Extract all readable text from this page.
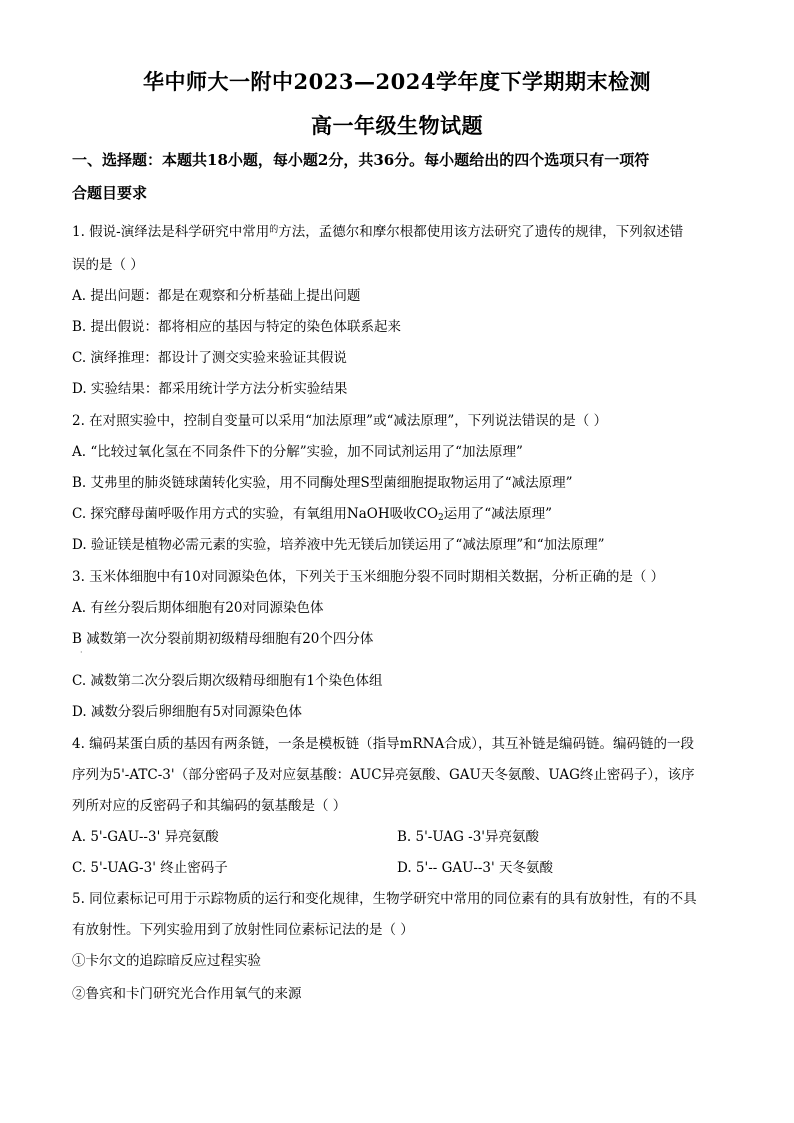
华中师大一附中2023—2024学年度下学期期末检测
高一年级生物试题
一、选择题：本题共18小题，每小题2分，共36分。每小题给出的四个选项只有一项符
合题目要求
1. 假说-演绎法是科学研究中常用$^的$方法，孟德尔和摩尔根都使用该方法研究了遗传的规律，下列叙述错
误的是（ ）
A. 提出问题：都是在观察和分析基础上提出问题
B. 提出假说：都将相应的基因与特定的染色体联系起来
C. 演绎推理：都设计了测交实验来验证其假说
D. 实验结果：都采用统计学方法分析实验结果
2. 在对照实验中，控制自变量可以采用“加法原理”或“减法原理”，下列说法错误的是（ ）
A. “比较过氧化氢在不同条件下的分解”实验，加不同试剂运用了“加法原理”
B. 艾弗里的肺炎链球菌转化实验，用不同酶处理S型菌细胞提取物运用了“减法原理”
C. 探究酵母菌呼吸作用方式的实验，有氧组用NaOH吸收$CO_2$运用了“减法原理”
D. 验证镁是植物必需元素的实验，培养液中先无镁后加镁运用了“减法原理”和“加法原理”
3. 玉米体细胞中有10对同源染色体，下列关于玉米细胞分裂不同时期相关数据，分析正确的是（ ）
A. 有丝分裂后期体细胞有20对同源染色体
B 减数第一次分裂前期初级精母细胞有20个四分体
·
C. 减数第二次分裂后期次级精母细胞有1个染色体组
D. 减数分裂后卵细胞有5对同源染色体
4. 编码某蛋白质的基因有两条链，一条是模板链（指导mRNA合成），其互补链是编码链。编码链的一段
序列为5'-ATC-3'（部分密码子及对应氨基酸：AUC异亮氨酸、GAU天冬氨酸、UAG终止密码子），该序
列所对应的反密码子和其编码的氨基酸是（ ）
A. 5'-GAU--3' 异亮氨酸	B. 5'-UAG -3'异亮氨酸
C. 5'-UAG-3' 终止密码子	D. 5'-- GAU--3' 天冬氨酸
5. 同位素标记可用于示踪物质的运行和变化规律，生物学研究中常用的同位素有的具有放射性，有的不具
有放射性。下列实验用到了放射性同位素标记法的是（ ）
①卡尔文的追踪暗反应过程实验
②鲁宾和卡门研究光合作用氧气的来源
